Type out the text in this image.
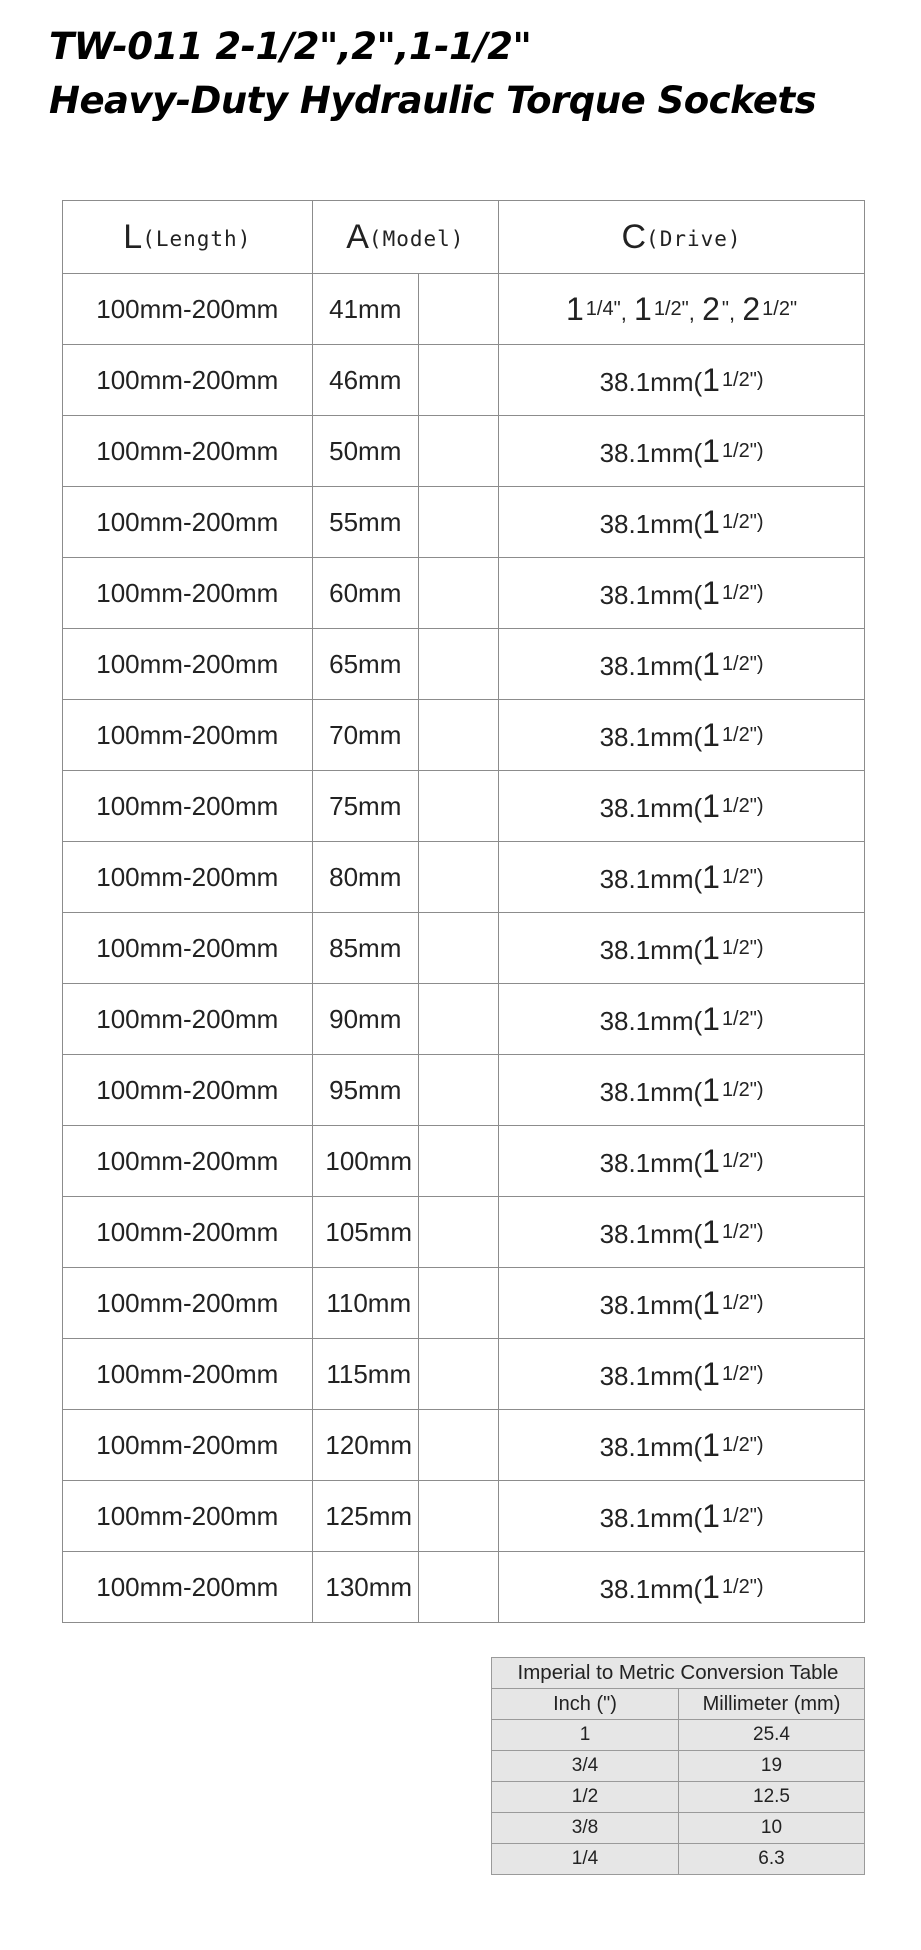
TW-011 2-1/2",2",1-1/2"
Heavy-Duty Hydraulic Torque Sockets
L(Length)	A(Model)		C(Drive)
100mm-200mm	41mm		1 1/4", 1 1/2", 2 ", 2 1/2"
100mm-200mm	46mm		38.1mm(1 1/2")
100mm-200mm	50mm		38.1mm(1 1/2")
100mm-200mm	55mm		38.1mm(1 1/2")
100mm-200mm	60mm		38.1mm(1 1/2")
100mm-200mm	65mm		38.1mm(1 1/2")
100mm-200mm	70mm		38.1mm(1 1/2")
100mm-200mm	75mm		38.1mm(1 1/2")
100mm-200mm	80mm		38.1mm(1 1/2")
100mm-200mm	85mm		38.1mm(1 1/2")
100mm-200mm	90mm		38.1mm(1 1/2")
100mm-200mm	95mm		38.1mm(1 1/2")
100mm-200mm	100mm		38.1mm(1 1/2")
100mm-200mm	105mm		38.1mm(1 1/2")
100mm-200mm	110mm		38.1mm(1 1/2")
100mm-200mm	115mm		38.1mm(1 1/2")
100mm-200mm	120mm		38.1mm(1 1/2")
100mm-200mm	125mm		38.1mm(1 1/2")
100mm-200mm	130mm		38.1mm(1 1/2")
Imperial to Metric Conversion Table	
Inch (")	Millimeter (mm)
1	25.4
3/4	19
1/2	12.5
3/8	10
1/4	6.3
